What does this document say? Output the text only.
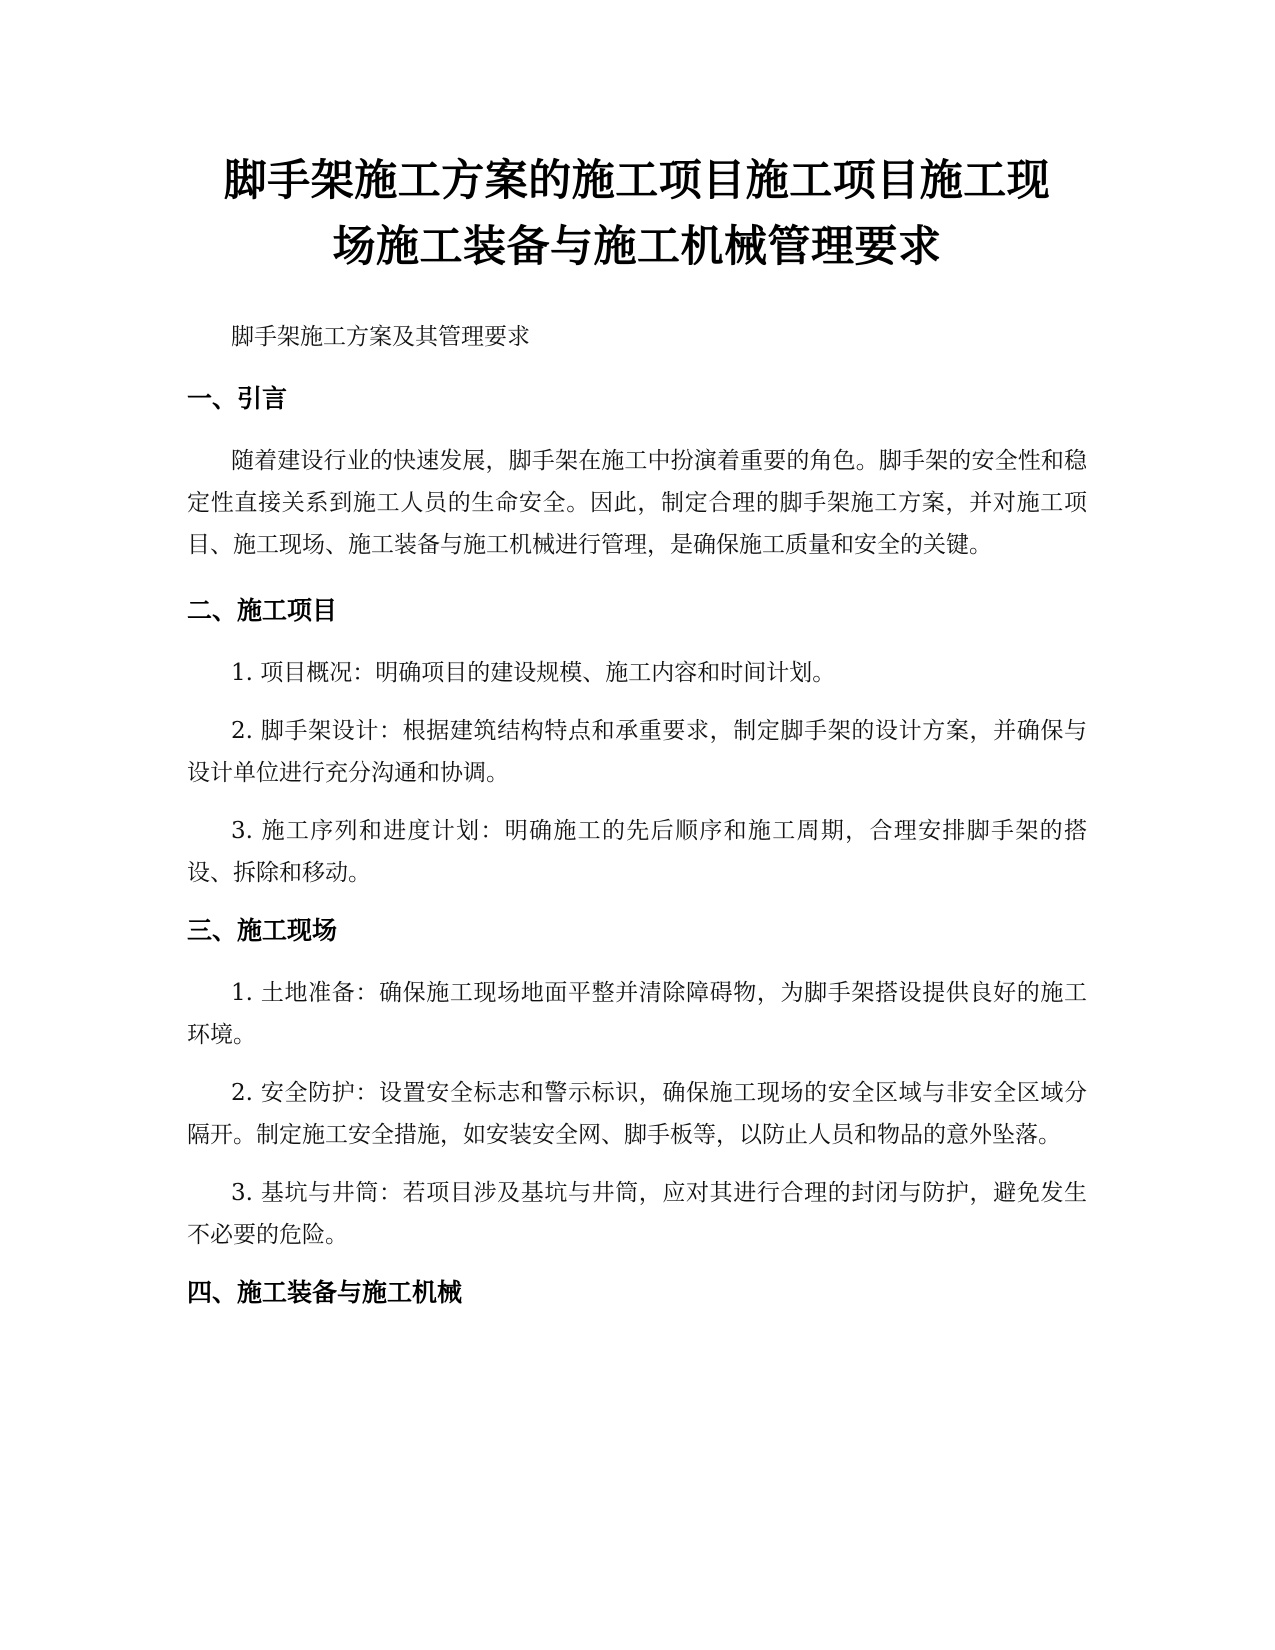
脚手架施工方案的施工项目施工项目施工现
场施工装备与施工机械管理要求

脚手架施工方案及其管理要求

一、引言

随着建设行业的快速发展，脚手架在施工中扮演着重要的角色。脚手架的安全性和稳定性直接关系到施工人员的生命安全。因此，制定合理的脚手架施工方案，并对施工项目、施工现场、施工装备与施工机械进行管理，是确保施工质量和安全的关键。

二、施工项目

1. 项目概况：明确项目的建设规模、施工内容和时间计划。

2. 脚手架设计：根据建筑结构特点和承重要求，制定脚手架的设计方案，并确保与设计单位进行充分沟通和协调。

3. 施工序列和进度计划：明确施工的先后顺序和施工周期，合理安排脚手架的搭设、拆除和移动。

三、施工现场

1. 土地准备：确保施工现场地面平整并清除障碍物，为脚手架搭设提供良好的施工环境。

2. 安全防护：设置安全标志和警示标识，确保施工现场的安全区域与非安全区域分隔开。制定施工安全措施，如安装安全网、脚手板等，以防止人员和物品的意外坠落。

3. 基坑与井筒：若项目涉及基坑与井筒，应对其进行合理的封闭与防护，避免发生不必要的危险。

四、施工装备与施工机械
